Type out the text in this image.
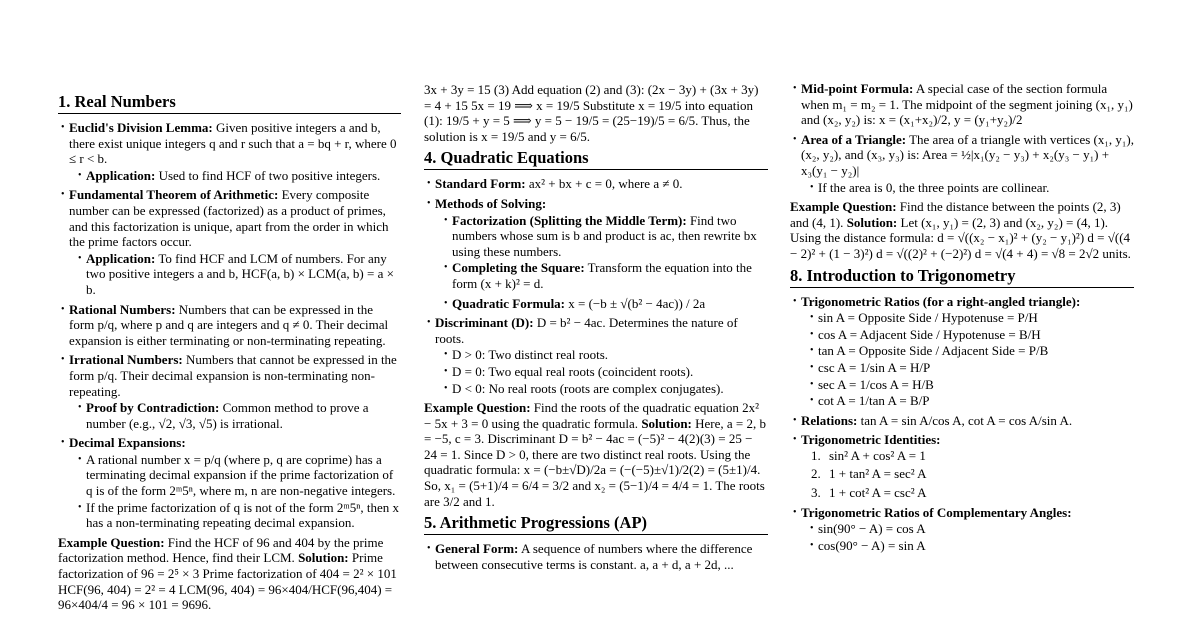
1. Real Numbers
• Euclid's Division Lemma: Given positive integers a and b, there exist unique integers q and r such that a = bq + r, where 0 ≤ r < b.
• Application: Used to find HCF of two positive integers.
• Fundamental Theorem of Arithmetic: Every composite number can be expressed (factorized) as a product of primes, and this factorization is unique, apart from the order in which the prime factors occur.
• Application: To find HCF and LCM of numbers. For any two positive integers a and b, HCF(a, b) × LCM(a, b) = a × b.
• Rational Numbers: Numbers that can be expressed in the form p/q, where p and q are integers and q ≠ 0. Their decimal expansion is either terminating or non-terminating repeating.
• Irrational Numbers: Numbers that cannot be expressed in the form p/q. Their decimal expansion is non-terminating non-repeating.
• Proof by Contradiction: Common method to prove a number (e.g., √2, √3, √5) is irrational.
• Decimal Expansions:
• A rational number x = p/q (where p, q are coprime) has a terminating decimal expansion if the prime factorization of q is of the form 2ᵐ5ⁿ, where m, n are non-negative integers.
• If the prime factorization of q is not of the form 2ᵐ5ⁿ, then x has a non-terminating repeating decimal expansion.
Example Question: Find the HCF of 96 and 404 by the prime factorization method. Hence, find their LCM. Solution: Prime factorization of 96 = 2⁵ × 3 Prime factorization of 404 = 2² × 101 HCF(96, 404) = 2² = 4 LCM(96, 404) = 96×404/HCF(96,404) = 96×404/4 = 96 × 101 = 9696.
3x + 3y = 15 (3) Add equation (2) and (3): (2x − 3y) + (3x + 3y) = 4 + 15 5x = 19 ⟹ x = 19/5 Substitute x = 19/5 into equation (1): 19/5 + y = 5 ⟹ y = 5 − 19/5 = (25−19)/5 = 6/5. Thus, the solution is x = 19/5 and y = 6/5.
4. Quadratic Equations
• Standard Form: ax² + bx + c = 0, where a ≠ 0.
• Methods of Solving:
• Factorization (Splitting the Middle Term): Find two numbers whose sum is b and product is ac, then rewrite bx using these numbers.
• Completing the Square: Transform the equation into the form (x + k)² = d.
• Quadratic Formula: x = (−b ± √(b² − 4ac)) / 2a
• Discriminant (D): D = b² − 4ac. Determines the nature of roots.
• D > 0: Two distinct real roots.
• D = 0: Two equal real roots (coincident roots).
• D < 0: No real roots (roots are complex conjugates).
Example Question: Find the roots of the quadratic equation 2x² − 5x + 3 = 0 using the quadratic formula. Solution: Here, a = 2, b = −5, c = 3. Discriminant D = b² − 4ac = (−5)² − 4(2)(3) = 25 − 24 = 1. Since D > 0, there are two distinct real roots. Using the quadratic formula: x = (−b±√D)/2a = (−(−5)±√1)/2(2) = (5±1)/4. So, x₁ = (5+1)/4 = 6/4 = 3/2 and x₂ = (5−1)/4 = 4/4 = 1. The roots are 3/2 and 1.
5. Arithmetic Progressions (AP)
• General Form: A sequence of numbers where the difference between consecutive terms is constant. a, a + d, a + 2d, ...
• Mid-point Formula: A special case of the section formula when m₁ = m₂ = 1. The midpoint of the segment joining (x₁, y₁) and (x₂, y₂) is: x = (x₁+x₂)/2, y = (y₁+y₂)/2
• Area of a Triangle: The area of a triangle with vertices (x₁, y₁), (x₂, y₂), and (x₃, y₃) is: Area = ½|x₁(y₂ − y₃) + x₂(y₃ − y₁) + x₃(y₁ − y₂)|
• If the area is 0, the three points are collinear.
Example Question: Find the distance between the points (2, 3) and (4, 1). Solution: Let (x₁, y₁) = (2, 3) and (x₂, y₂) = (4, 1). Using the distance formula: d = √((x₂ − x₁)² + (y₂ − y₁)²) d = √((4 − 2)² + (1 − 3)²) d = √((2)² + (−2)²) d = √(4 + 4) = √8 = 2√2 units.
8. Introduction to Trigonometry
• Trigonometric Ratios (for a right-angled triangle):
• sin A = Opposite Side / Hypotenuse = P/H
• cos A = Adjacent Side / Hypotenuse = B/H
• tan A = Opposite Side / Adjacent Side = P/B
• csc A = 1/sin A = H/P
• sec A = 1/cos A = H/B
• cot A = 1/tan A = B/P
• Relations: tan A = sin A/cos A, cot A = cos A/sin A.
• Trigonometric Identities:
1. sin² A + cos² A = 1
2. 1 + tan² A = sec² A
3. 1 + cot² A = csc² A
• Trigonometric Ratios of Complementary Angles:
• sin(90° − A) = cos A
• cos(90° − A) = sin A
